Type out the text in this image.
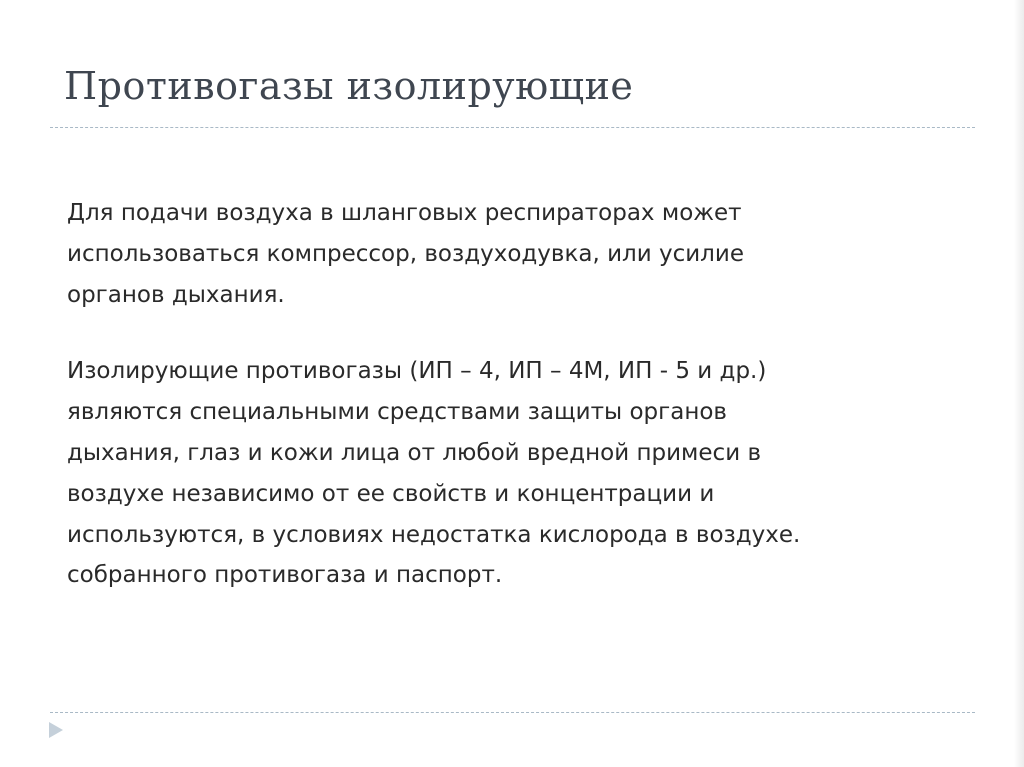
Противогазы изолирующие

Для подачи воздуха в шланговых респираторах может
использоваться компрессор, воздуходувка, или усилие
органов дыхания.

Изолирующие противогазы (ИП – 4, ИП – 4М, ИП - 5 и др.)
являются специальными средствами защиты органов
дыхания, глаз и кожи лица от любой вредной примеси в
воздухе независимо от ее свойств и концентрации и
используются, в условиях недостатка кислорода в воздухе.
собранного противогаза и паспорт.
